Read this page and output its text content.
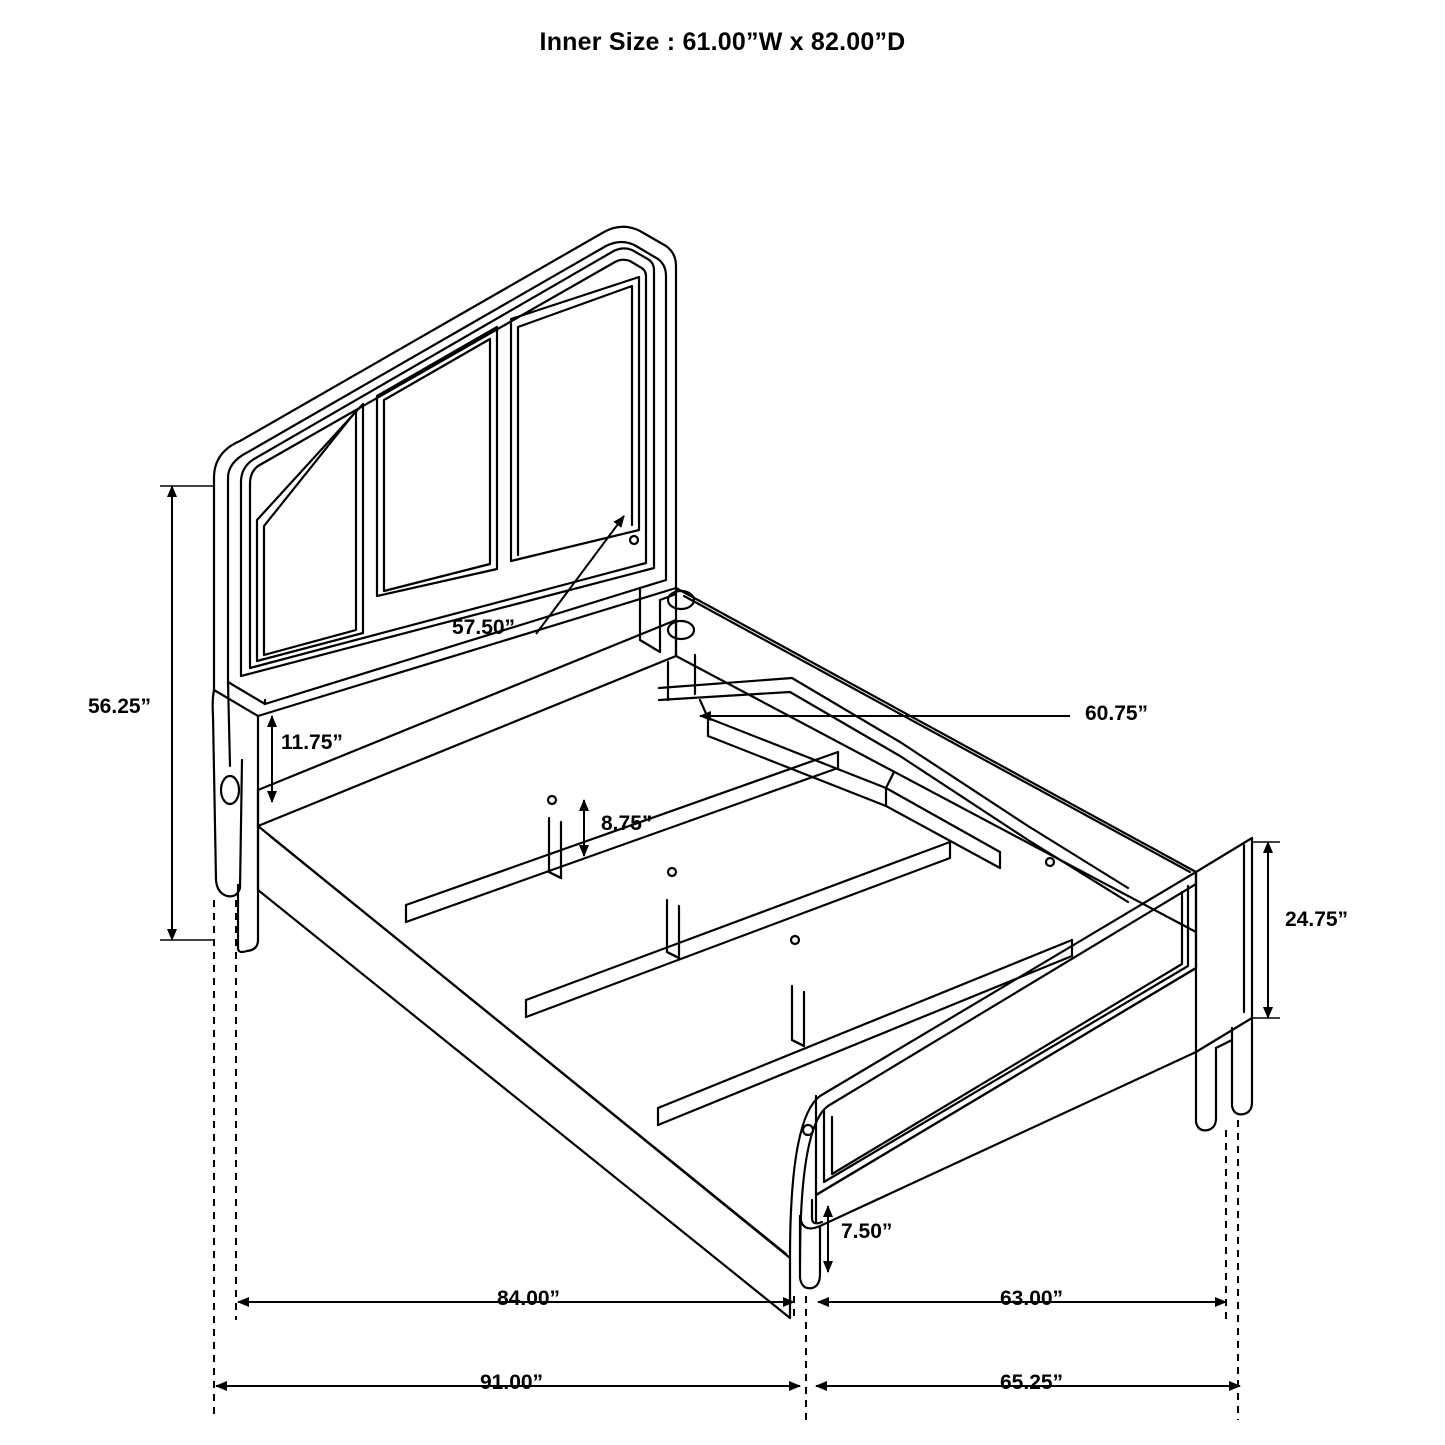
Inner Size : 61.00”W x 82.00”D
57.50”
56.25”
11.75”
8.75”
60.75”
24.75”
7.50”
84.00”	63.00”
91.00”	65.25”
